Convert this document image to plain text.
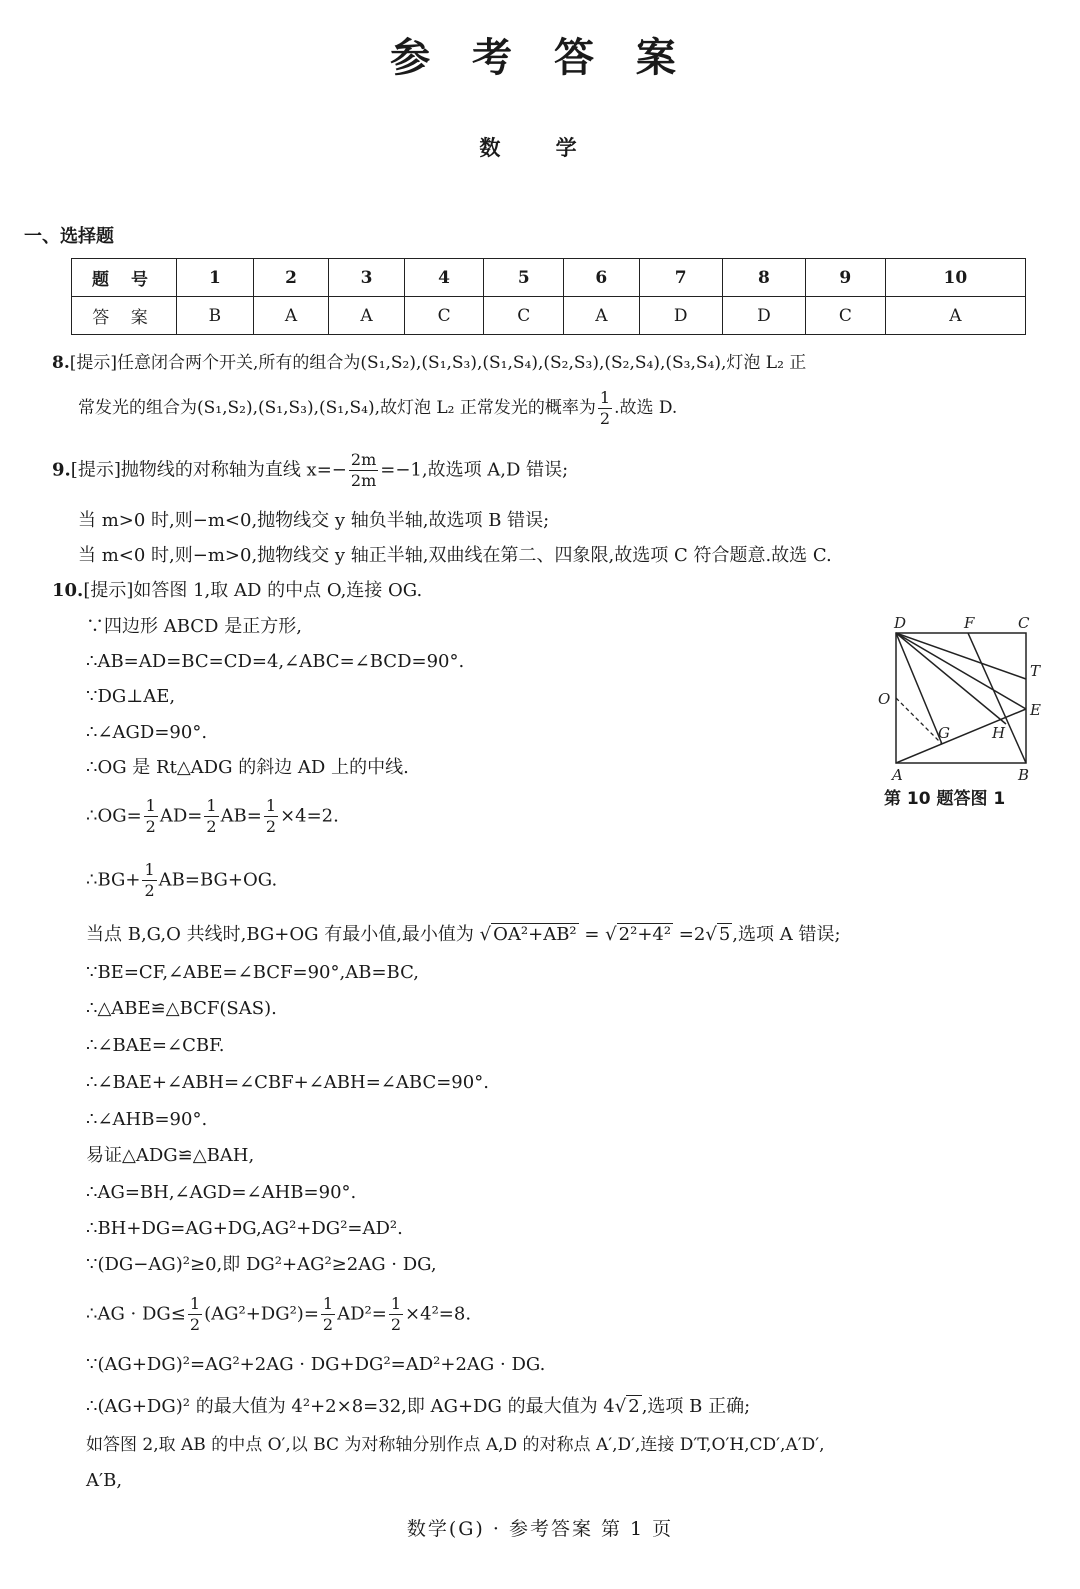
参 考 答 案
数 学
一、选择题
题 号	1	2	3	4	5	6	7	8	9	10
答 案	B	A	A	C	C	A	D	D	C	A
8.[提示]任意闭合两个开关,所有的组合为(S₁,S₂),(S₁,S₃),(S₁,S₄),(S₂,S₃),(S₂,S₄),(S₃,S₄),灯泡 L₂ 正
常发光的组合为(S₁,S₂),(S₁,S₃),(S₁,S₄),故灯泡 L₂ 正常发光的概率为 $\frac{1}{2}$ .故选 D.
9.[提示]抛物线的对称轴为直线 $x=- \frac{2m}{2m} =-1$,故选项 A,D 错误;
当 m>0 时,则−m<0,抛物线交 y 轴负半轴,故选项 B 错误;
当 m<0 时,则−m>0,抛物线交 y 轴正半轴,双曲线在第二、四象限,故选项 C 符合题意.故选 C.
10.[提示]如答图 1,取 AD 的中点 O,连接 OG.
∵四边形 ABCD 是正方形,
∴AB=AD=BC=CD=4,∠ABC=∠BCD=90°.
∵DG⊥AE,
∴∠AGD=90°.
∴OG 是 Rt△ADG 的斜边 AD 上的中线.
∴OG= $\frac{1}{2} AD= \frac{1}{2} AB= \frac{1}{2} \times 4=2$.
∴BG+ $\frac{1}{2} AB=BG+OG$.
当点 B,G,O 共线时,BG+OG 有最小值,最小值为 √ OA²+AB² = √ 2²+4² =2√ 5 ,选项 A 错误;
∵BE=CF,∠ABE=∠BCF=90°,AB=BC,
∴△ABE≌△BCF(SAS).
∴∠BAE=∠CBF.
∴∠BAE+∠ABH=∠CBF+∠ABH=∠ABC=90°.
∴∠AHB=90°.
易证△ADG≌△BAH,
∴AG=BH,∠AGD=∠AHB=90°.
∴BH+DG=AG+DG,AG²+DG²=AD².
∵(DG−AG)²≥0,即 DG²+AG²≥2AG · DG,
∴AG · $DG\le \frac{1}{2} (AG^2+DG^2)= \frac{1}{2} AD^2= \frac{1}{2} \times 4^2=8$.
∵(AG+DG)²=AG²+2AG · DG+DG²=AD²+2AG · DG.
∴(AG+DG)² 的最大值为 4²+2×8=32,即 AG+DG 的最大值为 4√ 2 ,选项 B 正确;
如答图 2,取 AB 的中点 O′,以 BC 为对称轴分别作点 A,D 的对称点 A′,D′,连接 D′T,O′H,CD′,A′D′,
A′B,
D	F	C
T
O
E
G	H
A	B
第 10 题答图 1
数学(G) · 参考答案 第 1 页
